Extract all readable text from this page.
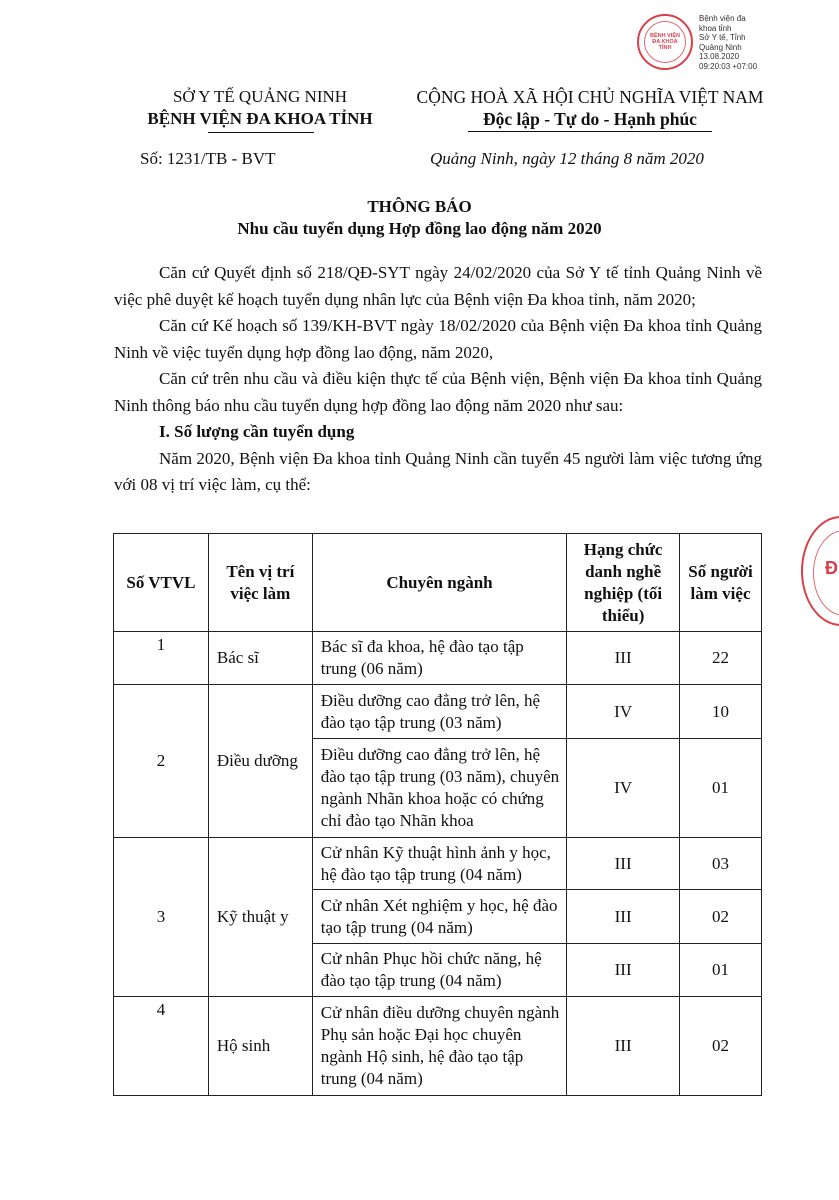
BỆNH VIỆN ĐA KHOA TỈNH
Bệnh viện đa
khoa tỉnh
Sở Y tế, Tỉnh
Quảng Ninh
13.08.2020
09:20:03 +07:00
Đ
SỞ Y TẾ QUẢNG NINH
BỆNH VIỆN ĐA KHOA TỈNH
CỘNG HOÀ XÃ HỘI CHỦ NGHĨA VIỆT NAM
Độc lập - Tự do - Hạnh phúc
Số: 1231/TB - BVT	Quảng Ninh, ngày 12 tháng 8 năm 2020
THÔNG BÁO
Nhu cầu tuyển dụng Hợp đồng lao động năm 2020

Căn cứ Quyết định số 218/QĐ-SYT ngày 24/02/2020 của Sở Y tế tỉnh Quảng Ninh về việc phê duyệt kế hoạch tuyển dụng nhân lực của Bệnh viện Đa khoa tỉnh, năm 2020;

Căn cứ Kế hoạch số 139/KH-BVT ngày 18/02/2020 của Bệnh viện Đa khoa tỉnh Quảng Ninh về việc tuyển dụng hợp đồng lao động, năm 2020,

Căn cứ trên nhu cầu và điều kiện thực tế của Bệnh viện, Bệnh viện Đa khoa tỉnh Quảng Ninh thông báo nhu cầu tuyển dụng hợp đồng lao động năm 2020 như sau:

I. Số lượng cần tuyển dụng

Năm 2020, Bệnh viện Đa khoa tỉnh Quảng Ninh cần tuyển 45 người làm việc tương ứng với 08 vị trí việc làm, cụ thể:

Số VTVL	Tên vị trí việc làm	Chuyên ngành	Hạng chức danh nghề nghiệp (tối thiểu)	Số người làm việc
1	Bác sĩ	Bác sĩ đa khoa, hệ đào tạo tập trung (06 năm)	III	22
2	Điều dưỡng	Điều dưỡng cao đẳng trở lên, hệ đào tạo tập trung (03 năm)	IV	10
		Điều dưỡng cao đẳng trở lên, hệ đào tạo tập trung (03 năm), chuyên ngành Nhãn khoa hoặc có chứng chỉ đào tạo Nhãn khoa	IV	01
3	Kỹ thuật y	Cử nhân Kỹ thuật hình ảnh y học, hệ đào tạo tập trung (04 năm)	III	03
		Cử nhân Xét nghiệm y học, hệ đào tạo tập trung (04 năm)	III	02
		Cử nhân Phục hồi chức năng, hệ đào tạo tập trung (04 năm)	III	01
4	Hộ sinh	Cử nhân điều dưỡng chuyên ngành Phụ sản hoặc Đại học chuyên ngành Hộ sinh, hệ đào tạo tập trung (04 năm)	III	02
